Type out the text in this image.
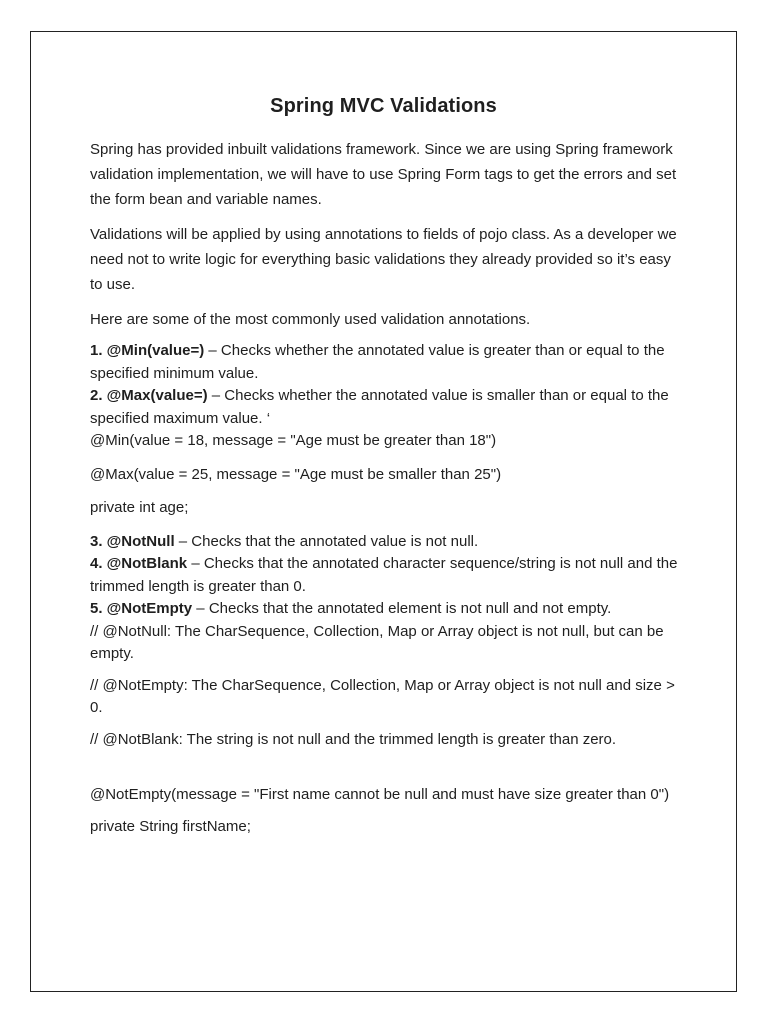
Spring MVC Validations

Spring has provided inbuilt validations framework. Since we are using Spring framework validation implementation, we will have to use Spring Form tags to get the errors and set the form bean and variable names.

Validations will be applied by using annotations to fields of pojo class. As a developer we need not to write logic for everything basic validations they already provided so it’s easy to use.

Here are some of the most commonly used validation annotations.

1. @Min(value=) – Checks whether the annotated value is greater than or equal to the specified minimum value.

2. @Max(value=) – Checks whether the annotated value is smaller than or equal to the specified maximum value. ‘

@Min(value = 18, message = "Age must be greater than 18")

@Max(value = 25, message = "Age must be smaller than 25")

private int age;

3. @NotNull – Checks that the annotated value is not null.

4. @NotBlank – Checks that the annotated character sequence/string is not null and the trimmed length is greater than 0.

5. @NotEmpty – Checks that the annotated element is not null and not empty.

// @NotNull: The CharSequence, Collection, Map or Array object is not null, but can be empty.

// @NotEmpty: The CharSequence, Collection, Map or Array object is not null and size > 0.

// @NotBlank: The string is not null and the trimmed length is greater than zero.

@NotEmpty(message = "First name cannot be null and must have size greater than 0")

private String firstName;
